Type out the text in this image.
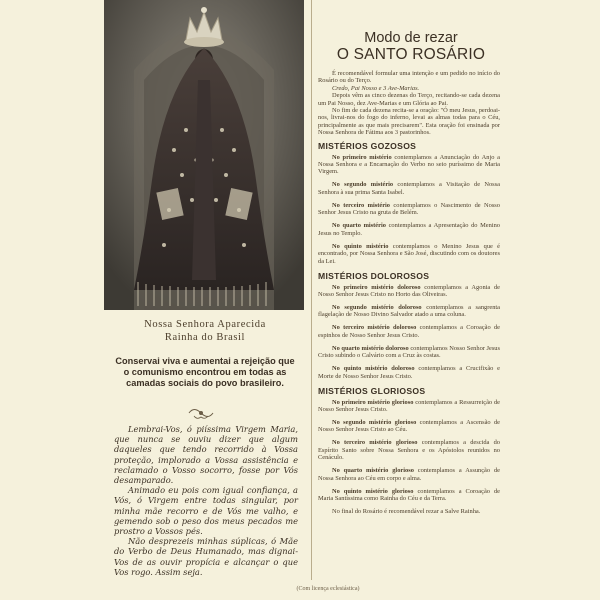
Nossa Senhora Aparecida
Rainha do Brasil
Conservai viva e aumentai a rejeição que o comunismo encontrou em todas as camadas sociais do povo brasileiro.

Lembrai-Vos, ó piíssima Virgem Maria, que nunca se ouviu dizer que algum daqueles que tendo recorrido à Vossa proteção, implorado a Vossa assistência e reclamado o Vosso socorro, fosse por Vós desamparado.

Animado eu pois com igual confiança, a Vós, ó Virgem entre todas singular, por minha mãe recorro e de Vós me valho, e gemendo sob o peso dos meus pecados me prostro a Vossos pés.

Não desprezeis minhas súplicas, ó Mãe do Verbo de Deus Humanado, mas dignai-Vos de as ouvir propícia e alcançar o que Vos rogo. Assim seja.

Modo de rezar
O SANTO ROSÁRIO

É recomendável formular uma intenção e um pedido no início do Rosário ou do Terço.

Credo, Pai Nosso e 3 Ave-Marias.

Depois vêm as cinco dezenas do Terço, recitando-se cada dezena um Pai Nosso, dez Ave-Marias e um Glória ao Pai.

No fim de cada dezena recita-se a oração: "Ó meu Jesus, perdoai-nos, livrai-nos do fogo do inferno, levai as almas todas para o Céu, principalmente as que mais precisarem". Esta oração foi ensinada por Nossa Senhora de Fátima aos 3 pastorinhos.

MISTÉRIOS GOZOSOS

No primeiro mistério contemplamos a Anunciação do Anjo a Nossa Senhora e a Encarnação do Verbo no seio puríssimo de Maria Virgem.

No segundo mistério contemplamos a Visitação de Nossa Senhora à sua prima Santa Isabel.

No terceiro mistério contemplamos o Nascimento de Nosso Senhor Jesus Cristo na gruta de Belém.

No quarto mistério contemplamos a Apresentação do Menino Jesus no Templo.

No quinto mistério contemplamos o Menino Jesus que é encontrado, por Nossa Senhora e São José, discutindo com os doutores da Lei.

MISTÉRIOS DOLOROSOS

No primeiro mistério doloroso contemplamos a Agonia de Nosso Senhor Jesus Cristo no Horto das Oliveiras.

No segundo mistério doloroso contemplamos a sangrenta flagelação de Nosso Divino Salvador atado a uma coluna.

No terceiro mistério doloroso contemplamos a Coroação de espinhos de Nosso Senhor Jesus Cristo.

No quarto mistério doloroso contemplamos Nosso Senhor Jesus Cristo subindo o Calvário com a Cruz às costas.

No quinto mistério doloroso contemplamos a Crucifixão e Morte de Nosso Senhor Jesus Cristo.

MISTÉRIOS GLORIOSOS

No primeiro mistério glorioso contemplamos a Ressurreição de Nosso Senhor Jesus Cristo.

No segundo mistério glorioso contemplamos a Ascensão de Nosso Senhor Jesus Cristo ao Céu.

No terceiro mistério glorioso contemplamos a descida do Espírito Santo sobre Nossa Senhora e os Apóstolos reunidos no Cenáculo.

No quarto mistério glorioso contemplamos a Assunção de Nossa Senhora ao Céu em corpo e alma.

No quinto mistério glorioso contemplamos a Coroação de Maria Santíssima como Rainha do Céu e da Terra.

No final do Rosário é recomendável rezar a Salve Rainha.

(Com licença eclesiástica)
